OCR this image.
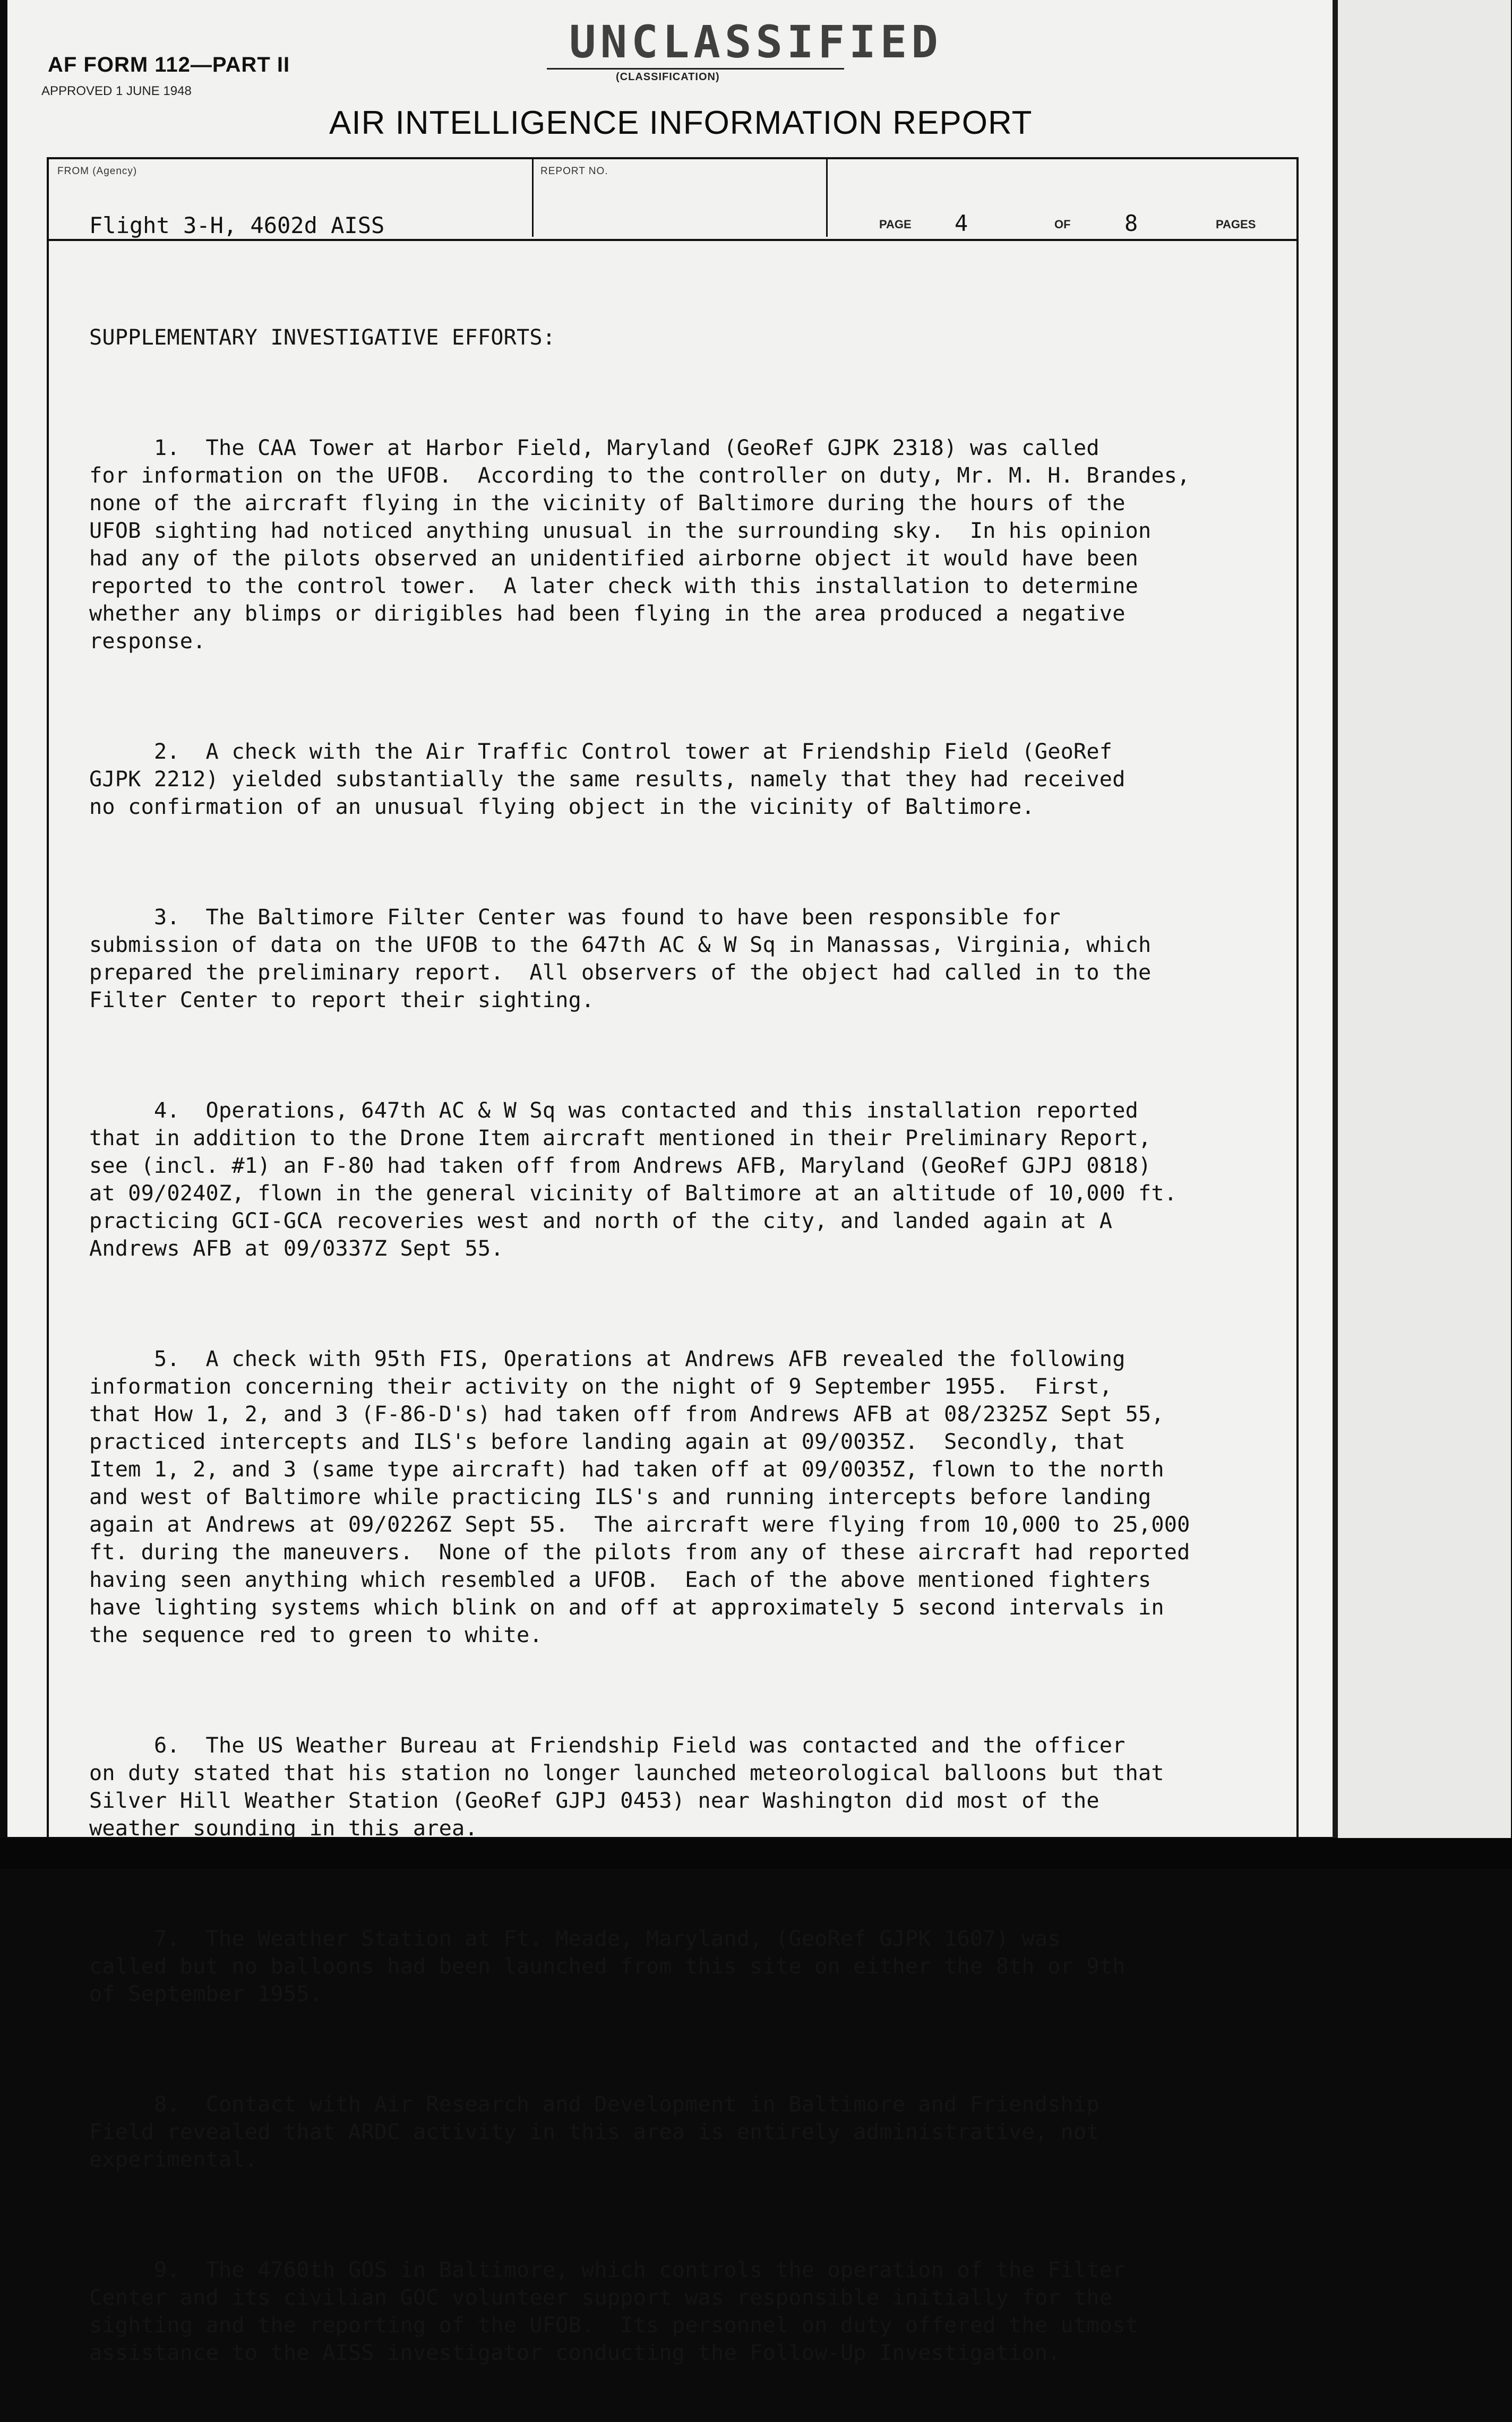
AF FORM 112—PART II
APPROVED 1 JUNE 1948
UNCLASSIFIED
(CLASSIFICATION)
AIR INTELLIGENCE INFORMATION REPORT
FROM (Agency)
Flight 3-H, 4602d AISS
REPORT NO.
PAGE 4	OF 8	PAGES

SUPPLEMENTARY INVESTIGATIVE EFFORTS:

1.  The CAA Tower at Harbor Field, Maryland (GeoRef GJPK 2318) was called
for information on the UFOB.  According to the controller on duty, Mr. M. H. Brandes,
none of the aircraft flying in the vicinity of Baltimore during the hours of the
UFOB sighting had noticed anything unusual in the surrounding sky.  In his opinion
had any of the pilots observed an unidentified airborne object it would have been
reported to the control tower.  A later check with this installation to determine
whether any blimps or dirigibles had been flying in the area produced a negative
response.

2.  A check with the Air Traffic Control tower at Friendship Field (GeoRef
GJPK 2212) yielded substantially the same results, namely that they had received
no confirmation of an unusual flying object in the vicinity of Baltimore.

3.  The Baltimore Filter Center was found to have been responsible for
submission of data on the UFOB to the 647th AC & W Sq in Manassas, Virginia, which
prepared the preliminary report.  All observers of the object had called in to the
Filter Center to report their sighting.

4.  Operations, 647th AC & W Sq was contacted and this installation reported
that in addition to the Drone Item aircraft mentioned in their Preliminary Report,
see (incl. #1) an F-80 had taken off from Andrews AFB, Maryland (GeoRef GJPJ 0818)
at 09/0240Z, flown in the general vicinity of Baltimore at an altitude of 10,000 ft.
practicing GCI-GCA recoveries west and north of the city, and landed again at A
Andrews AFB at 09/0337Z Sept 55.

5.  A check with 95th FIS, Operations at Andrews AFB revealed the following
information concerning their activity on the night of 9 September 1955.  First,
that How 1, 2, and 3 (F-86-D's) had taken off from Andrews AFB at 08/2325Z Sept 55,
practiced intercepts and ILS's before landing again at 09/0035Z.  Secondly, that
Item 1, 2, and 3 (same type aircraft) had taken off at 09/0035Z, flown to the north
and west of Baltimore while practicing ILS's and running intercepts before landing
again at Andrews at 09/0226Z Sept 55.  The aircraft were flying from 10,000 to 25,000
ft. during the maneuvers.  None of the pilots from any of these aircraft had reported
having seen anything which resembled a UFOB.  Each of the above mentioned fighters
have lighting systems which blink on and off at approximately 5 second intervals in
the sequence red to green to white.

6.  The US Weather Bureau at Friendship Field was contacted and the officer
on duty stated that his station no longer launched meteorological balloons but that
Silver Hill Weather Station (GeoRef GJPJ 0453) near Washington did most of the
weather sounding in this area.

7.  The Weather Station at Ft. Meade, Maryland, (GeoRef GJPK 1607) was
called but no balloons had been launched from this site on either the 8th or 9th
of September 1955.

8.  Contact with Air Research and Development in Baltimore and Friendship
Field revealed that ARDC activity in this area is entirely administrative, not
experimental.

9.  The 4760th GOS in Baltimore, which controls the operation of the Filter
Center and its civilian GOC volunteer support was responsible initially for the
sighting and the reporting of the UFOB.  Its personnel on duty offered the utmost
assistance to the AISS investigator conducting the Follow-Up Investigation.
